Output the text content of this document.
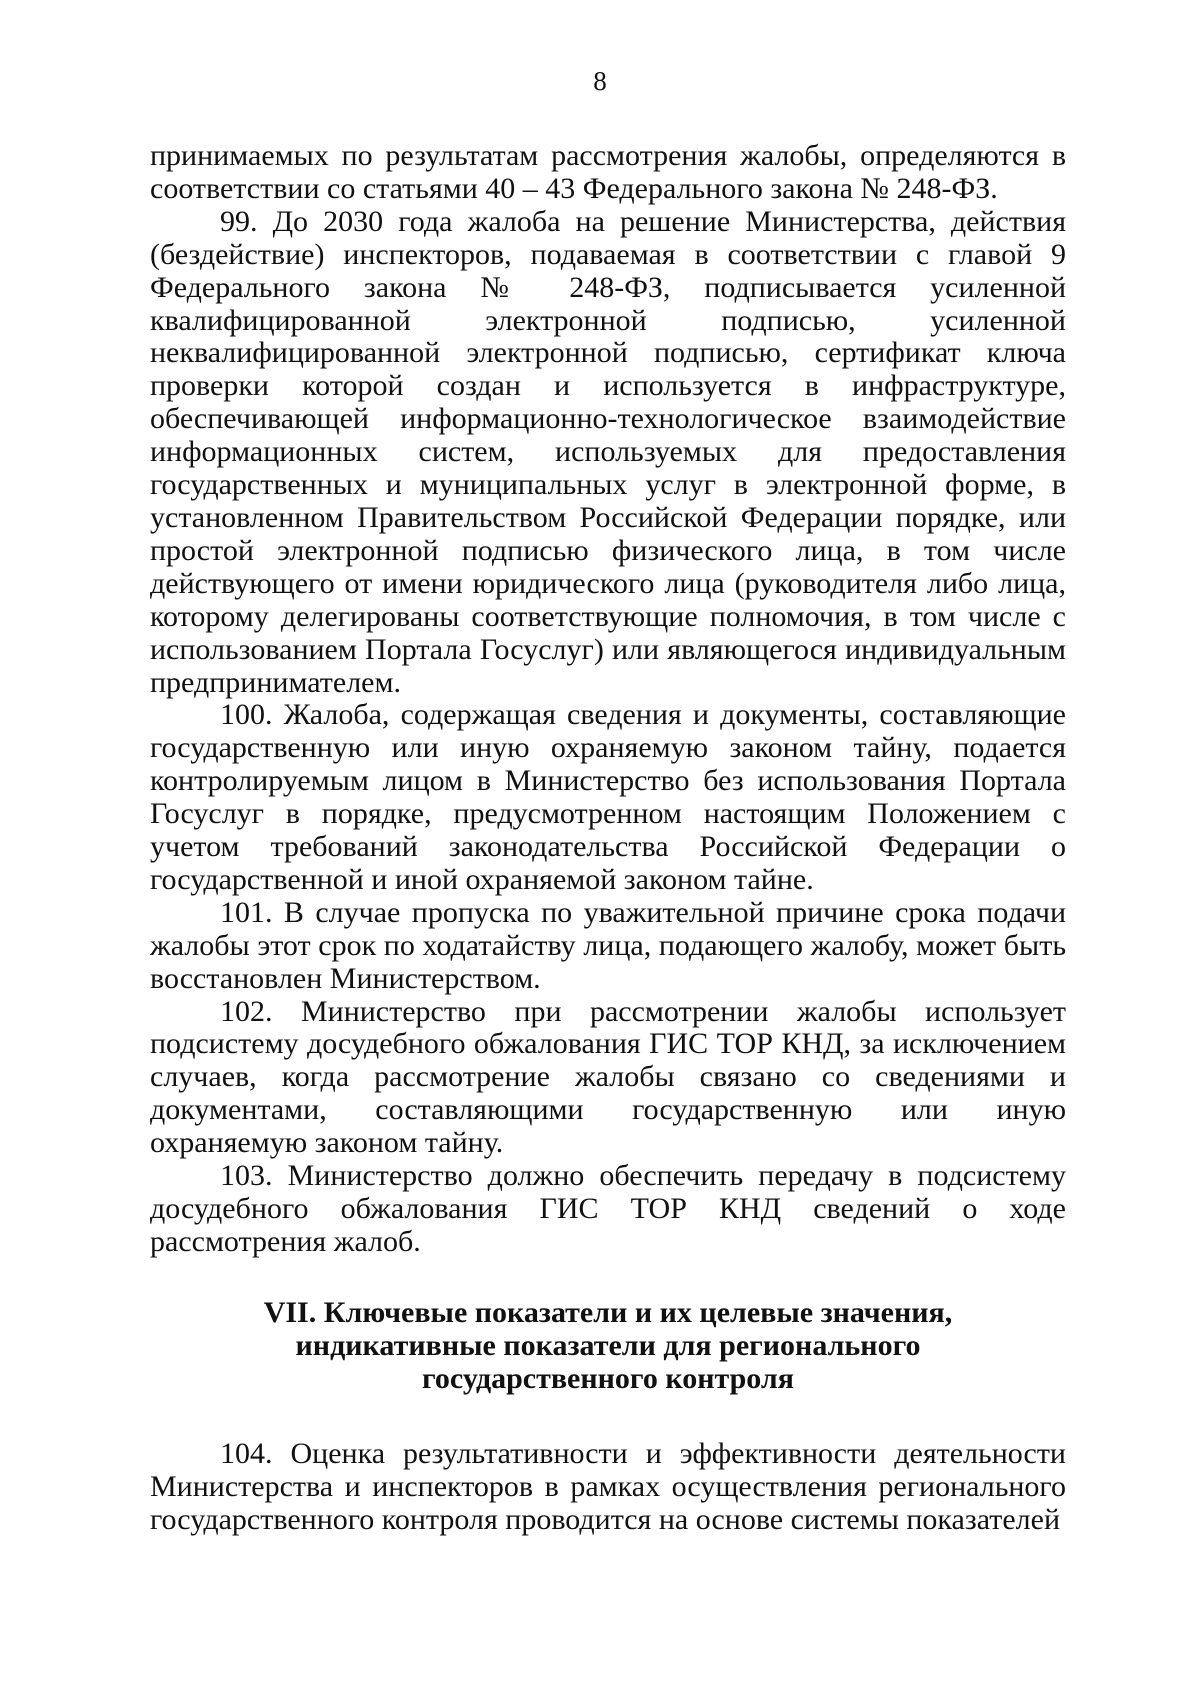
8

принимаемых по результатам рассмотрения жалобы, определяются в соответствии со статьями 40 – 43 Федерального закона № 248-ФЗ.

99. До 2030 года жалоба на решение Министерства, действия (бездействие) инспекторов, подаваемая в соответствии с главой 9 Федерального закона № 248-ФЗ, подписывается усиленной квалифицированной электронной подписью, усиленной неквалифицированной электронной подписью, сертификат ключа проверки которой создан и используется в инфраструктуре, обеспечивающей информационно-технологическое взаимодействие информационных систем, используемых для предоставления государственных и муниципальных услуг в электронной форме, в установленном Правительством Российской Федерации порядке, или простой электронной подписью физического лица, в том числе действующего от имени юридического лица (руководителя либо лица, которому делегированы соответствующие полномочия, в том числе с использованием Портала Госуслуг) или являющегося индивидуальным предпринимателем.

100. Жалоба, содержащая сведения и документы, составляющие государственную или иную охраняемую законом тайну, подается контролируемым лицом в Министерство без использования Портала Госуслуг в порядке, предусмотренном настоящим Положением с учетом требований законодательства Российской Федерации о государственной и иной охраняемой законом тайне.

101. В случае пропуска по уважительной причине срока подачи жалобы этот срок по ходатайству лица, подающего жалобу, может быть восстановлен Министерством.

102. Министерство при рассмотрении жалобы использует подсистему досудебного обжалования ГИС ТОР КНД, за исключением случаев, когда рассмотрение жалобы связано со сведениями и документами, составляющими государственную или иную охраняемую законом тайну.

103. Министерство должно обеспечить передачу в подсистему досудебного обжалования ГИС ТОР КНД сведений о ходе рассмотрения жалоб.

VII. Ключевые показатели и их целевые значения,
индикативные показатели для регионального
государственного контроля

104. Оценка результативности и эффективности деятельности Министерства и инспекторов в рамках осуществления регионального государственного контроля проводится на основе системы показателей
